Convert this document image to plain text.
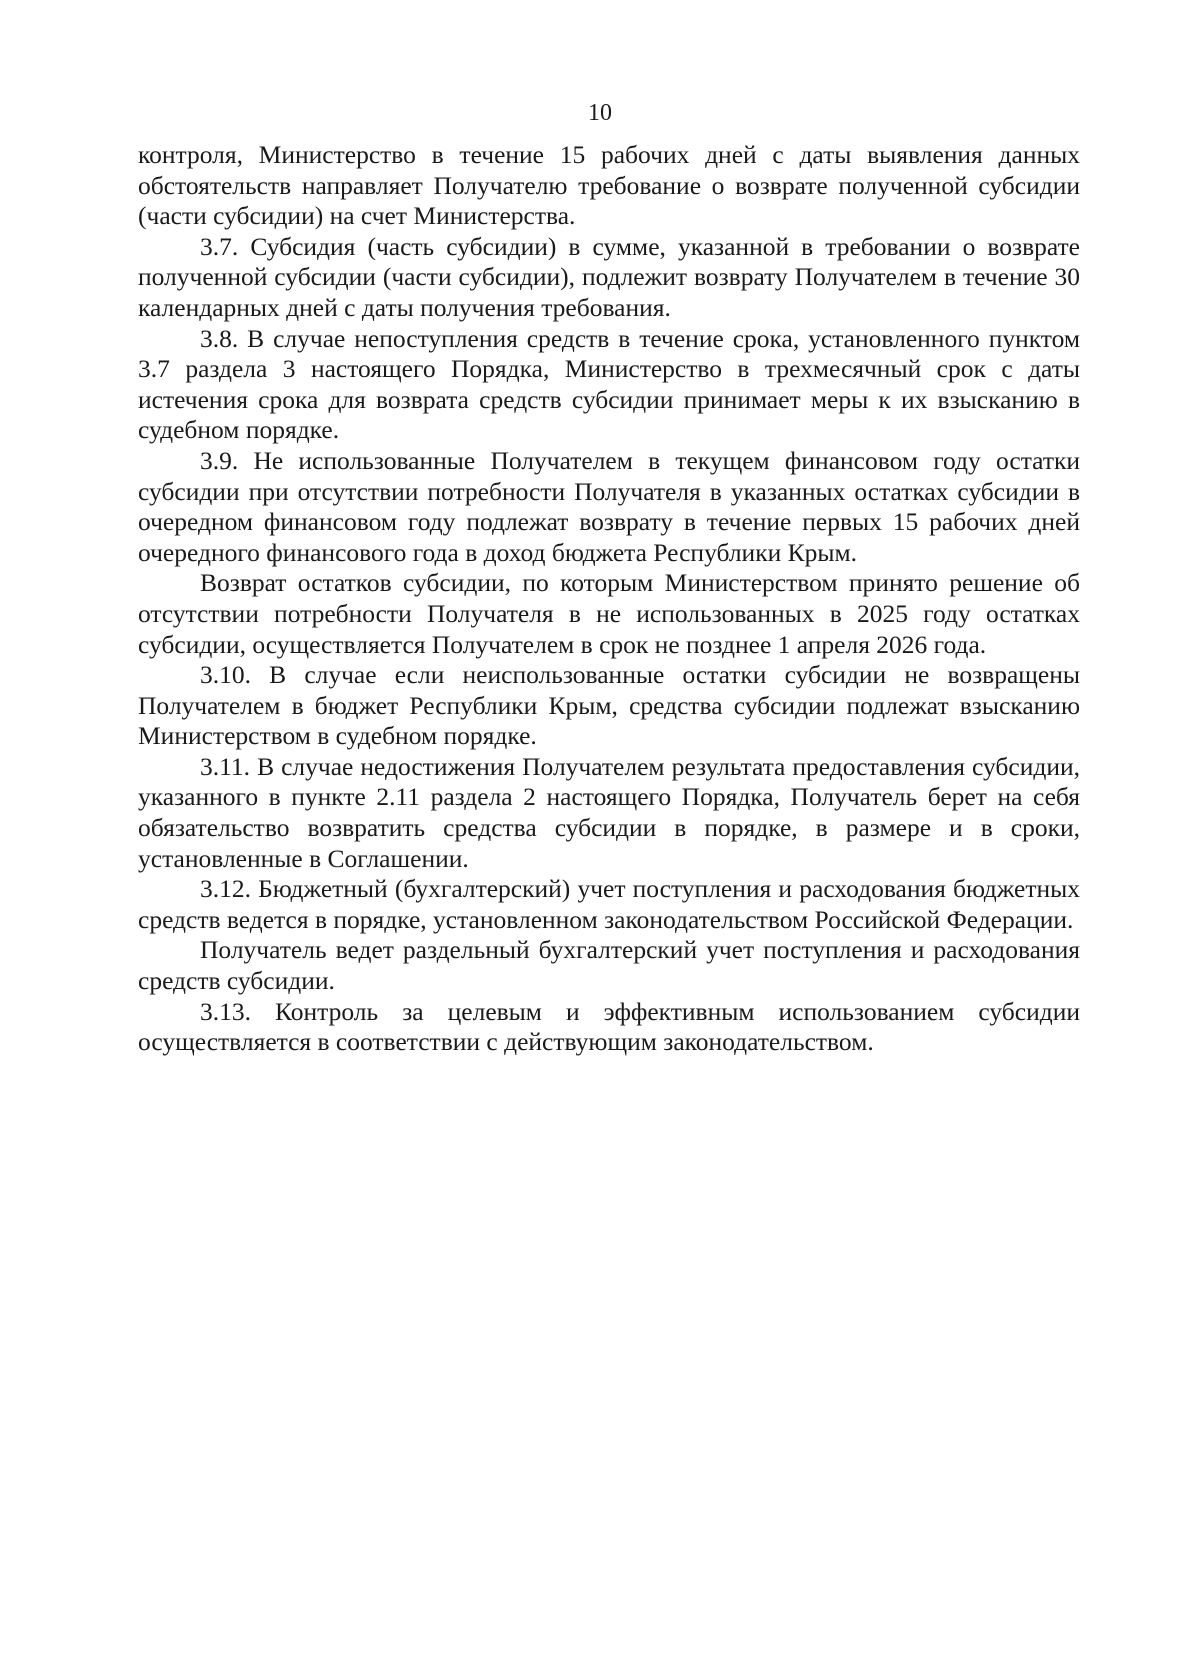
10

контроля, Министерство в течение 15 рабочих дней с даты выявления данных обстоятельств направляет Получателю требование о возврате полученной субсидии (части субсидии) на счет Министерства.

3.7. Субсидия (часть субсидии) в сумме, указанной в требовании о возврате полученной субсидии (части субсидии), подлежит возврату Получателем в течение 30 календарных дней с даты получения требования.

3.8. В случае непоступления средств в течение срока, установленного пунктом 3.7 раздела 3 настоящего Порядка, Министерство в трехмесячный срок с даты истечения срока для возврата средств субсидии принимает меры к их взысканию в судебном порядке.

3.9. Не использованные Получателем в текущем финансовом году остатки субсидии при отсутствии потребности Получателя в указанных остатках субсидии в очередном финансовом году подлежат возврату в течение первых 15 рабочих дней очередного финансового года в доход бюджета Республики Крым.

Возврат остатков субсидии, по которым Министерством принято решение об отсутствии потребности Получателя в не использованных в 2025 году остатках субсидии, осуществляется Получателем в срок не позднее 1 апреля 2026 года.

3.10. В случае если неиспользованные остатки субсидии не возвращены Получателем в бюджет Республики Крым, средства субсидии подлежат взысканию Министерством в судебном порядке.

3.11. В случае недостижения Получателем результата предоставления субсидии, указанного в пункте 2.11 раздела 2 настоящего Порядка, Получатель берет на себя обязательство возвратить средства субсидии в порядке, в размере и в сроки, установленные в Соглашении.

3.12. Бюджетный (бухгалтерский) учет поступления и расходования бюджетных средств ведется в порядке, установленном законодательством Российской Федерации.

Получатель ведет раздельный бухгалтерский учет поступления и расходования средств субсидии.

3.13. Контроль за целевым и эффективным использованием субсидии осуществляется в соответствии с действующим законодательством.
